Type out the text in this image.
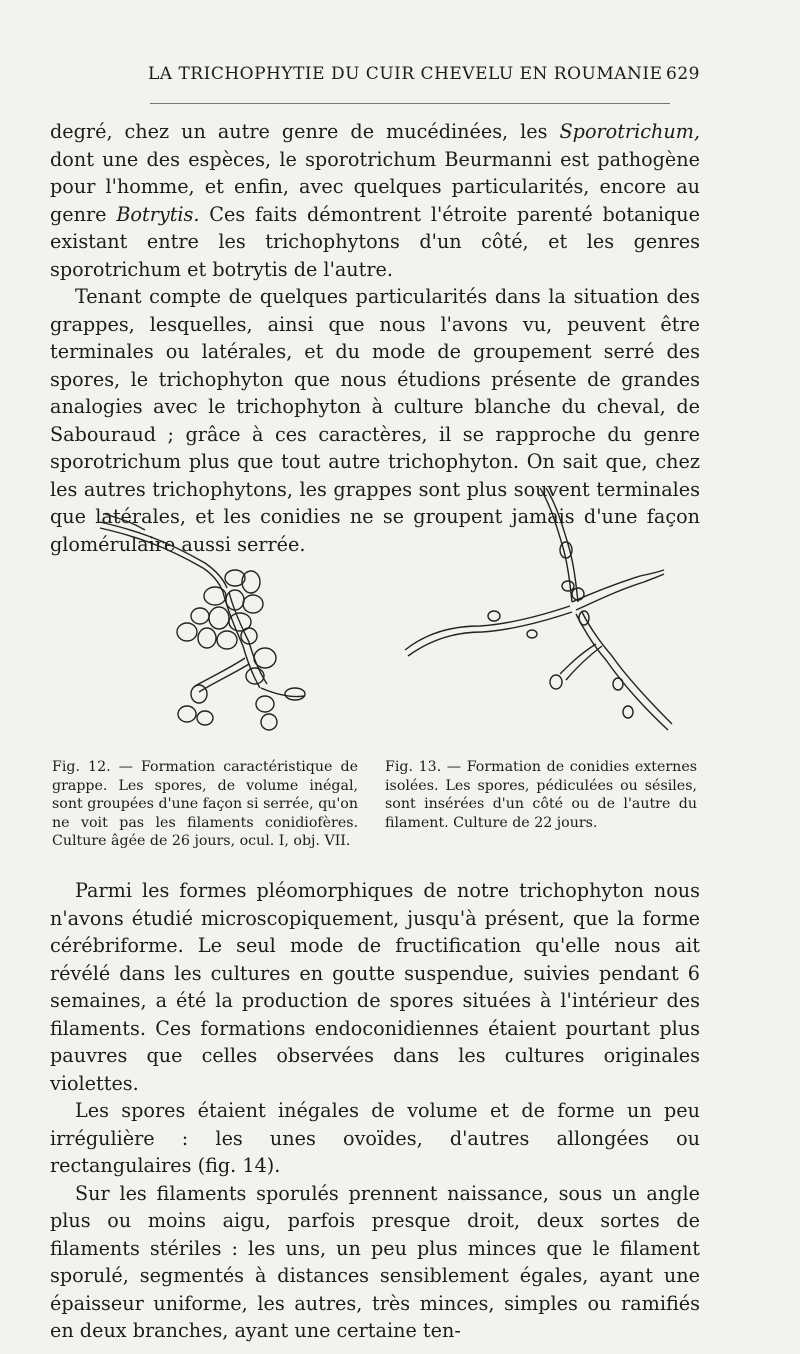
LA TRICHOPHYTIE DU CUIR CHEVELU EN ROUMANIE 629

degré, chez un autre genre de mucédinées, les Sporotrichum, dont une des espèces, le sporotrichum Beurmanni est pathogène pour l'homme, et enfin, avec quelques particularités, encore au genre Botrytis. Ces faits démontrent l'étroite parenté botanique existant entre les trichophytons d'un côté, et les genres sporotrichum et botrytis de l'autre.

Tenant compte de quelques particularités dans la situation des grappes, lesquelles, ainsi que nous l'avons vu, peuvent être terminales ou latérales, et du mode de groupement serré des spores, le trichophyton que nous étudions présente de grandes analogies avec le trichophyton à culture blanche du cheval, de Sabouraud ; grâce à ces caractères, il se rapproche du genre sporotrichum plus que tout autre trichophyton. On sait que, chez les autres trichophytons, les grappes sont plus souvent terminales que latérales, et les conidies ne se groupent jamais d'une façon glomérulaire aussi serrée.

Fig. 12. — Formation caractéristique de grappe. Les spores, de volume inégal, sont groupées d'une façon si serrée, qu'on ne voit pas les filaments conidiofères. Culture âgée de 26 jours, ocul. I, obj. VII.

Fig. 13. — Formation de conidies externes isolées. Les spores, pédiculées ou sésiles, sont insérées d'un côté ou de l'autre du filament. Culture de 22 jours.

Parmi les formes pléomorphiques de notre trichophyton nous n'avons étudié microscopiquement, jusqu'à présent, que la forme cérébriforme. Le seul mode de fructification qu'elle nous ait révélé dans les cultures en goutte suspendue, suivies pendant 6 semaines, a été la production de spores situées à l'intérieur des filaments. Ces formations endoconidiennes étaient pourtant plus pauvres que celles observées dans les cultures originales violettes.

Les spores étaient inégales de volume et de forme un peu irrégulière : les unes ovoïdes, d'autres allongées ou rectangulaires (fig. 14).

Sur les filaments sporulés prennent naissance, sous un angle plus ou moins aigu, parfois presque droit, deux sortes de filaments stériles : les uns, un peu plus minces que le filament sporulé, segmentés à distances sensiblement égales, ayant une épaisseur uniforme, les autres, très minces, simples ou ramifiés en deux branches, ayant une certaine ten-
